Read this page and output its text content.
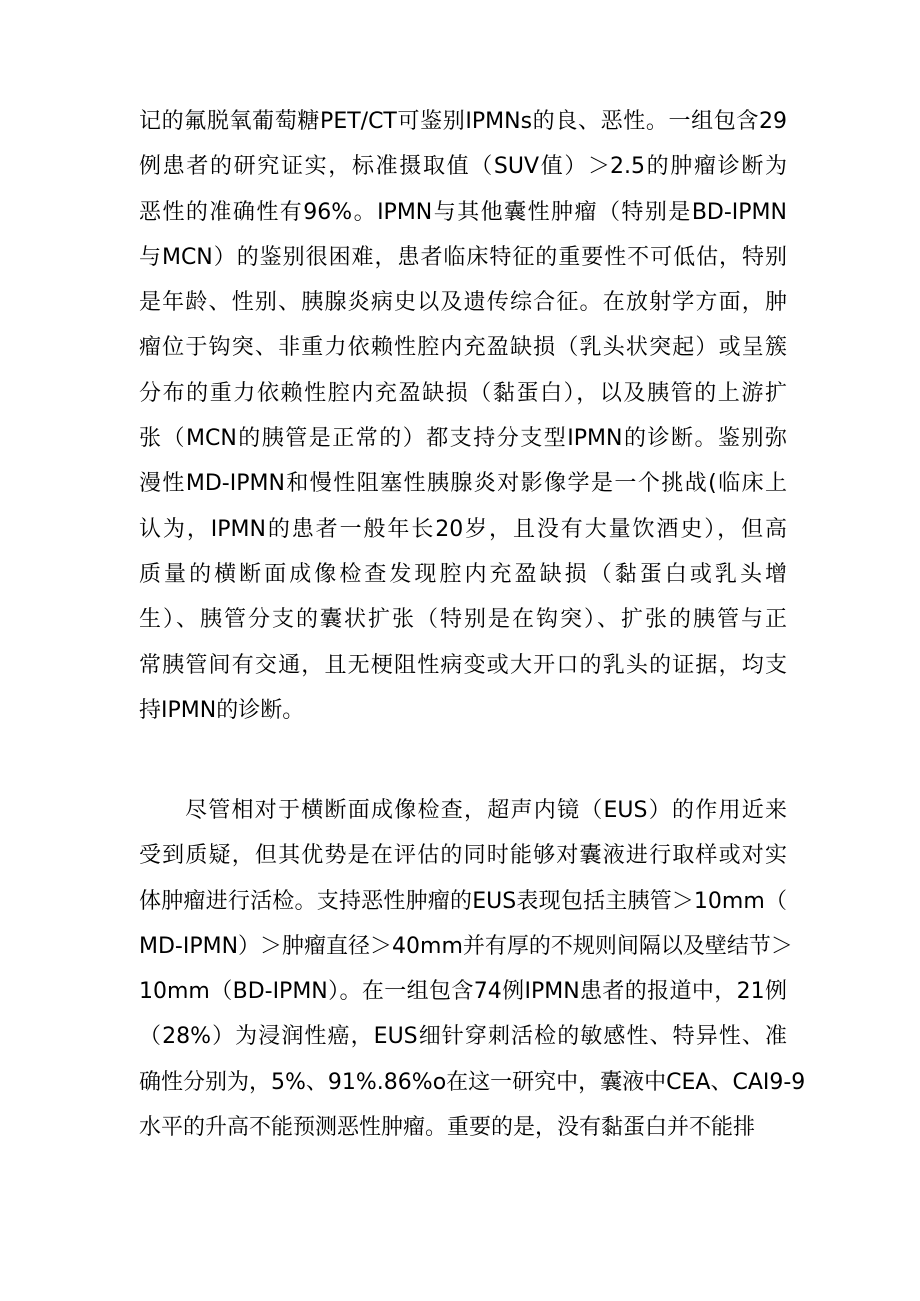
记的氟脱氧葡萄糖PET/CT可鉴别IPMNs的良、恶性。一组包含29
例患者的研究证实，标准摄取值（SUV值）＞2.5的肿瘤诊断为
恶性的准确性有96%。IPMN与其他囊性肿瘤（特别是BD-IPMN
与MCN）的鉴别很困难，患者临床特征的重要性不可低估，特别
是年龄、性别、胰腺炎病史以及遗传综合征。在放射学方面，肿
瘤位于钩突、非重力依赖性腔内充盈缺损（乳头状突起）或呈簇
分布的重力依赖性腔内充盈缺损（黏蛋白），以及胰管的上游扩
张（MCN的胰管是正常的）都支持分支型IPMN的诊断。鉴别弥
漫性MD-IPMN和慢性阻塞性胰腺炎对影像学是一个挑战(临床上
认为，IPMN的患者一般年长20岁，且没有大量饮酒史），但高
质量的横断面成像检查发现腔内充盈缺损（黏蛋白或乳头增
生）、胰管分支的囊状扩张（特别是在钩突）、扩张的胰管与正
常胰管间有交通，且无梗阻性病变或大开口的乳头的证据，均支
持IPMN的诊断。
尽管相对于横断面成像检查，超声内镜（EUS）的作用近来
受到质疑，但其优势是在评估的同时能够对囊液进行取样或对实
体肿瘤进行活检。支持恶性肿瘤的EUS表现包括主胰管＞10mm（
MD-IPMN）＞肿瘤直径＞40mm并有厚的不规则间隔以及壁结节＞
10mm（BD-IPMN）。在一组包含74例IPMN患者的报道中，21例
（28%）为浸润性癌，EUS细针穿刺活检的敏感性、特异性、准
确性分别为，5%、91%.86%o在这一研究中，囊液中CEA、CAI9-9
水平的升高不能预测恶性肿瘤。重要的是，没有黏蛋白并不能排
